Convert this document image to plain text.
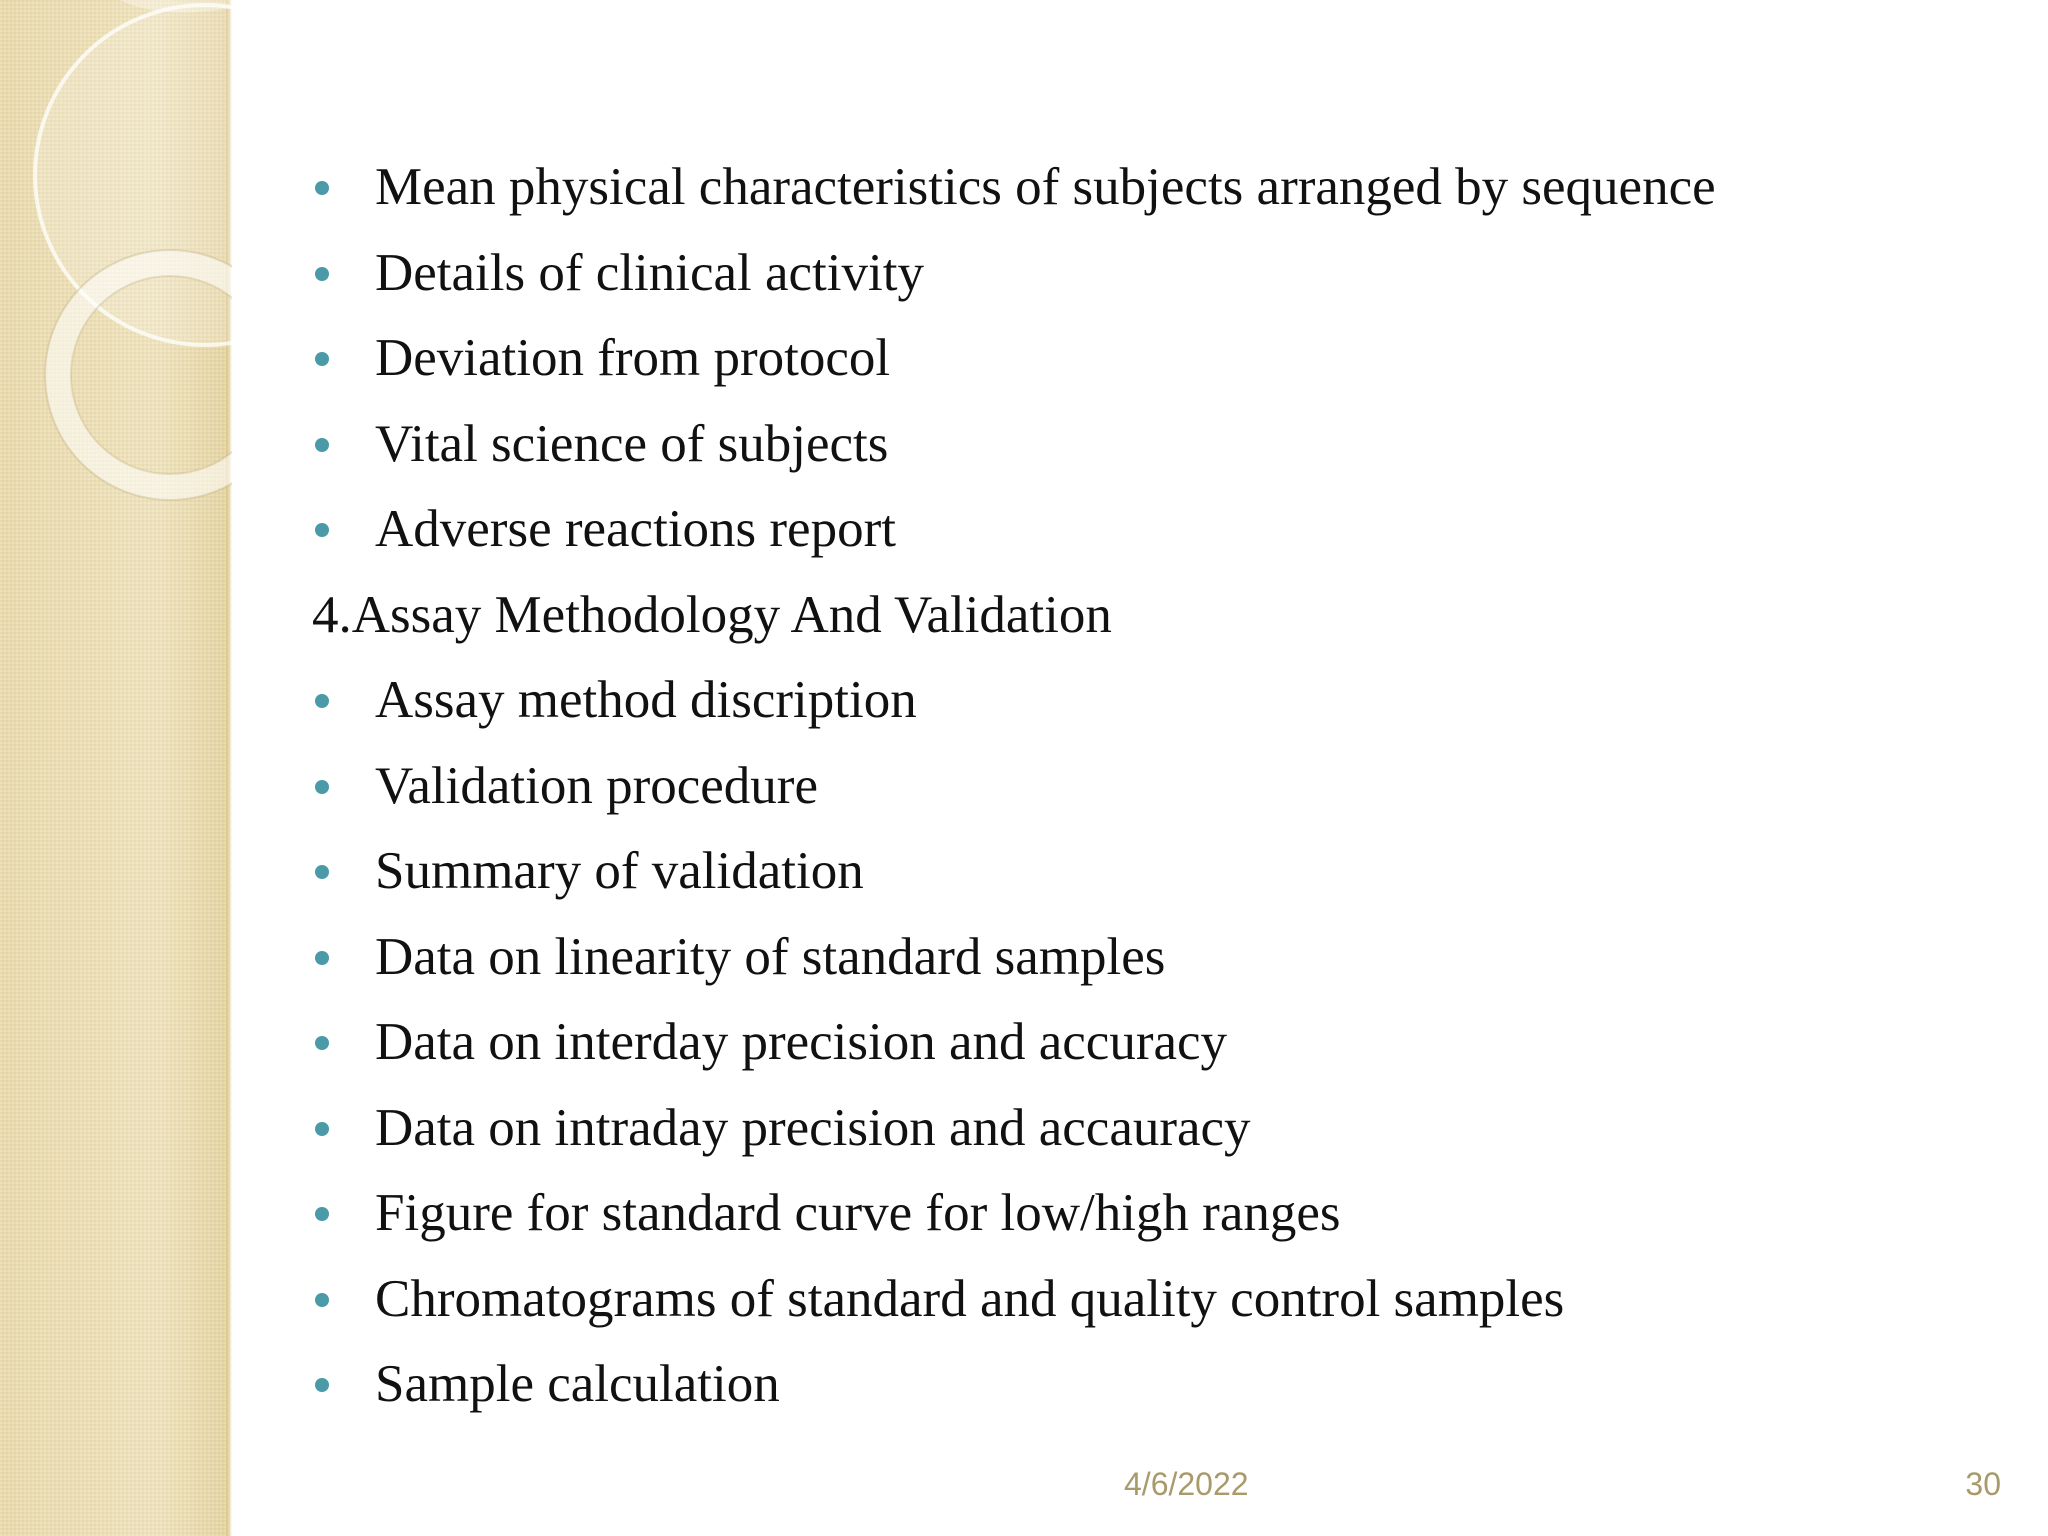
Mean physical characteristics of subjects arranged by sequence
Details of clinical activity
Deviation from protocol
Vital science of subjects
Adverse reactions report
4.Assay Methodology And Validation
Assay method discription
Validation procedure
Summary of validation
Data on linearity of standard samples
Data on interday precision and accuracy
Data on intraday precision and accauracy
Figure for standard curve for low/high ranges
Chromatograms of standard and quality control samples
Sample calculation
4/6/2022	30
